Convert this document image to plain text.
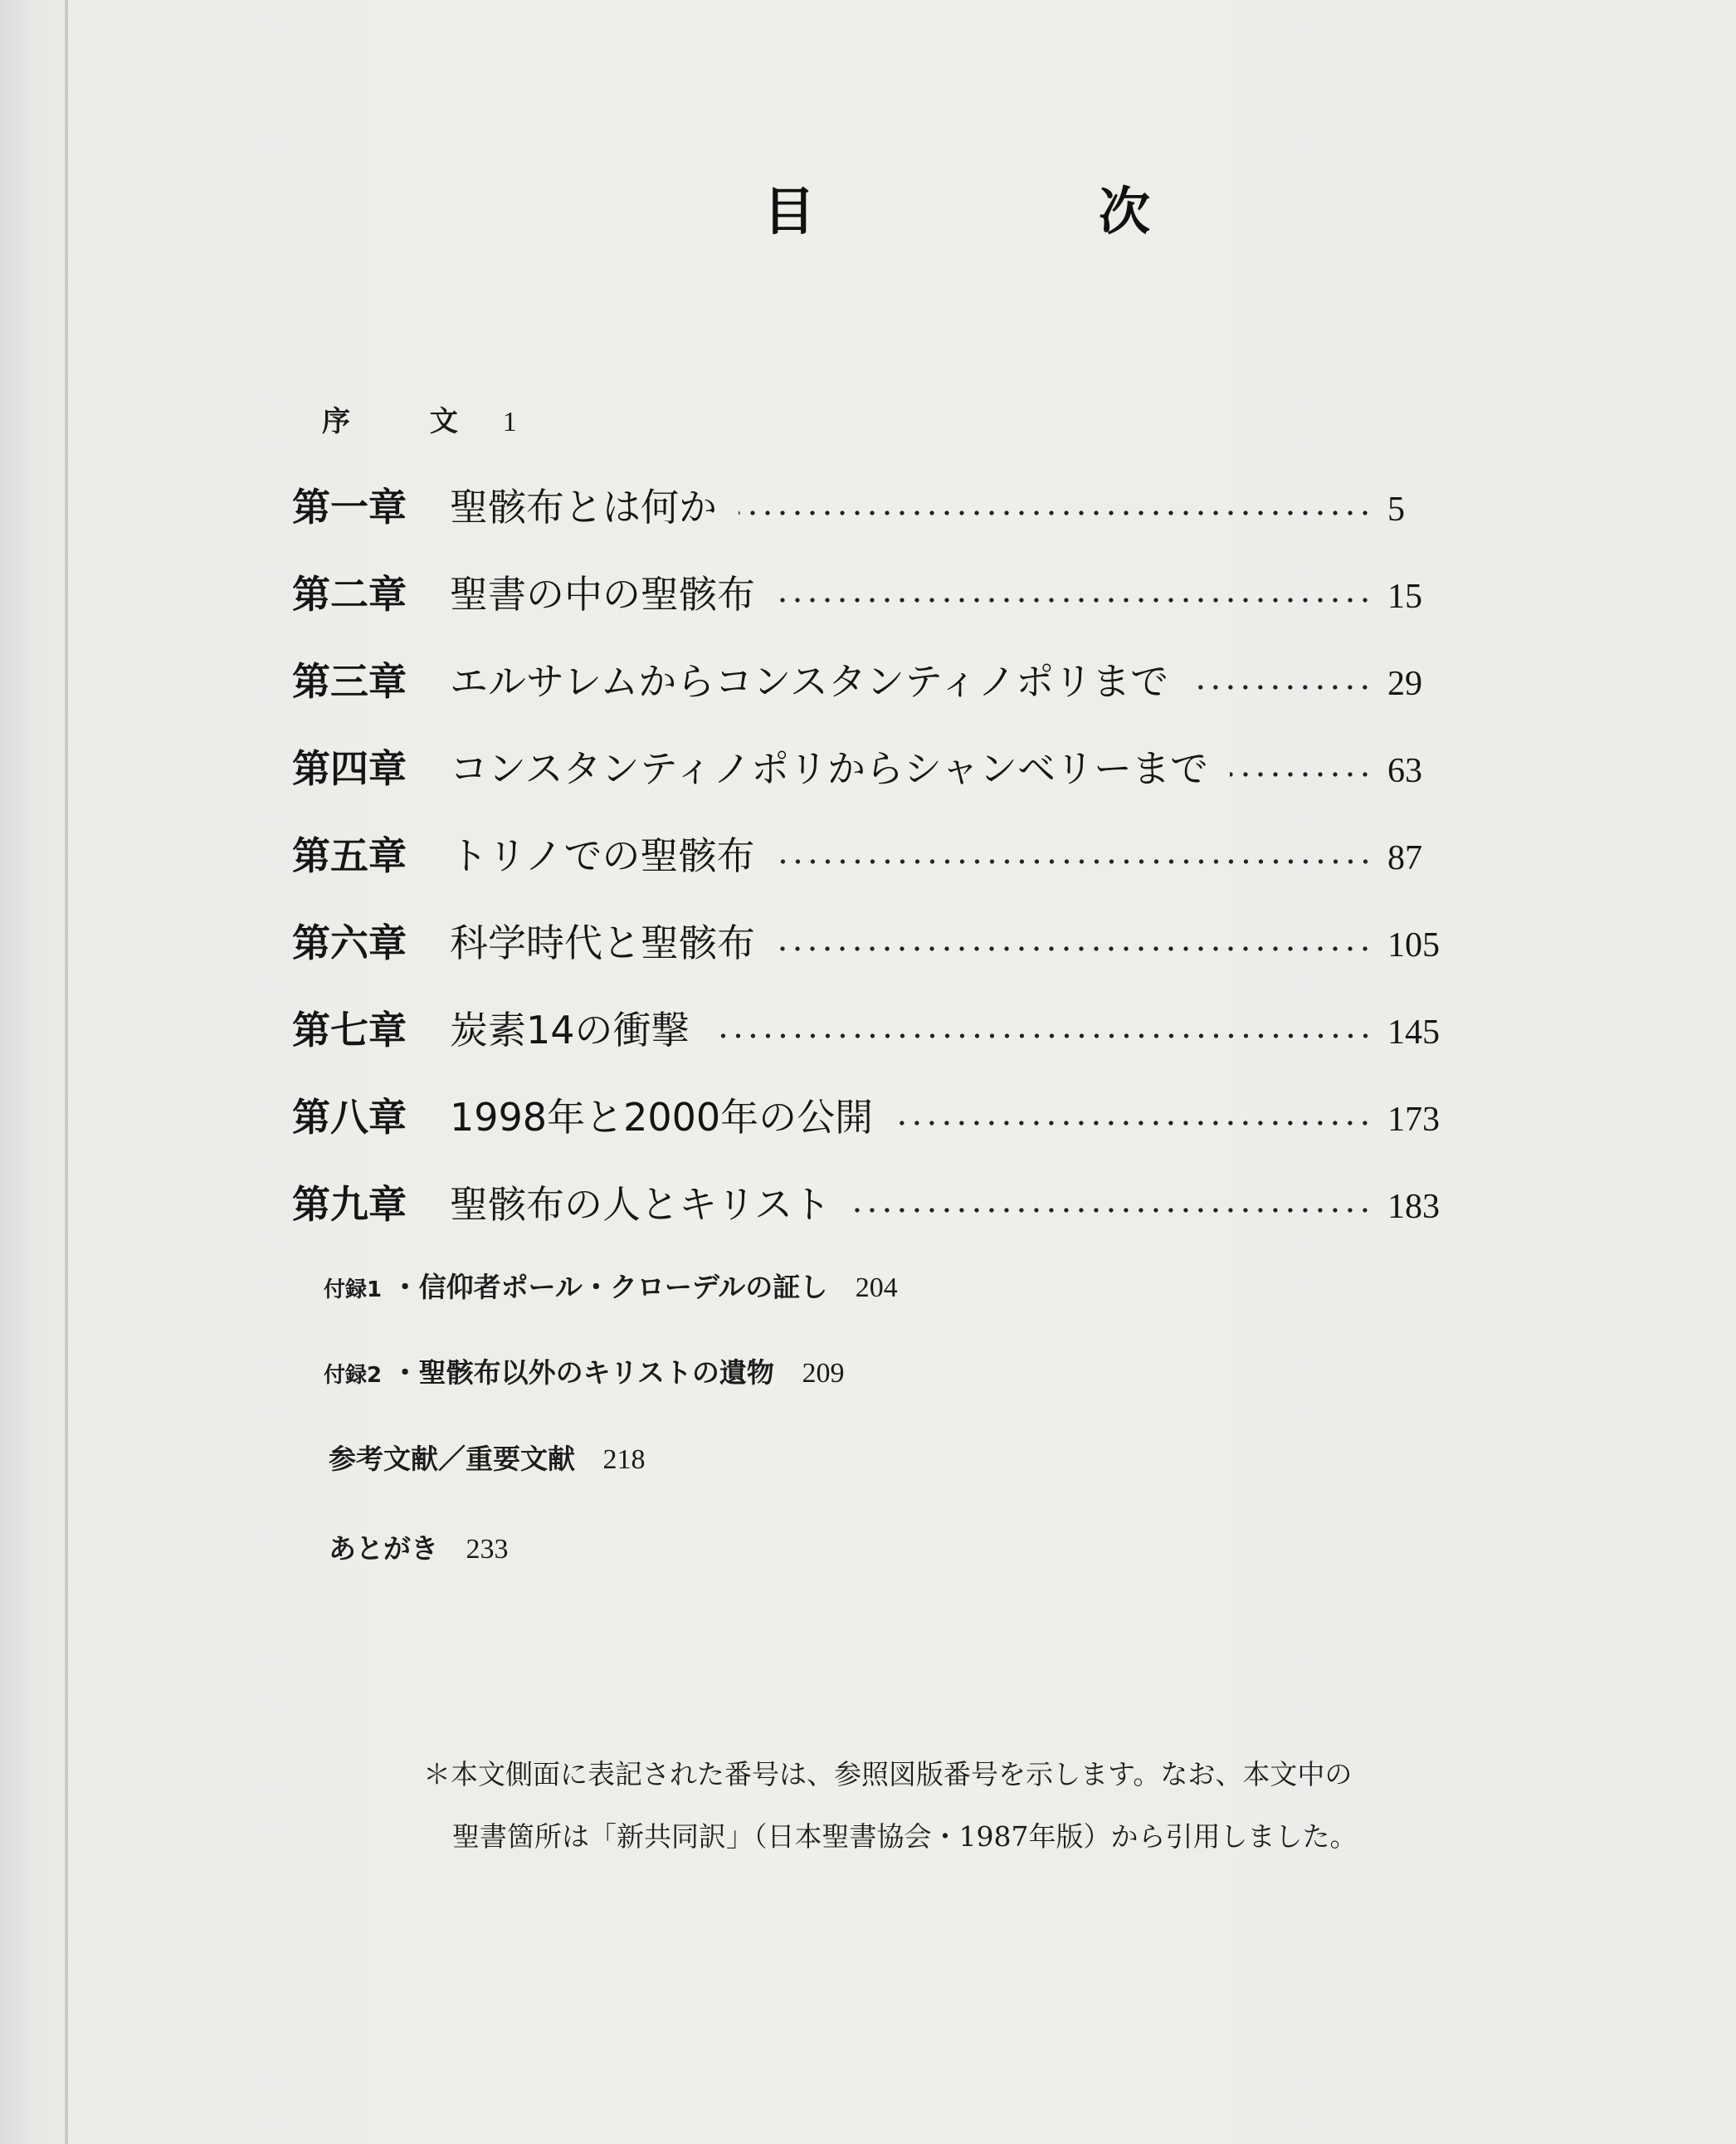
目　次
序 文 1
第一章	聖骸布とは何か	5
第二章	聖書の中の聖骸布	15
第三章	エルサレムからコンスタンティノポリまで	29
第四章	コンスタンティノポリからシャンベリーまで	63
第五章	トリノでの聖骸布	87
第六章	科学時代と聖骸布	105
第七章	炭素14の衝撃	145
第八章	1998年と2000年の公開	173
第九章	聖骸布の人とキリスト	183
付録1 ・信仰者ポール・クローデルの証し 204
付録2 ・聖骸布以外のキリストの遺物 209
参考文献／重要文献 218
あとがき 233
＊本文側面に表記された番号は、参照図版番号を示します。なお、本文中の
聖書箇所は「新共同訳」（日本聖書協会・1987年版）から引用しました。
